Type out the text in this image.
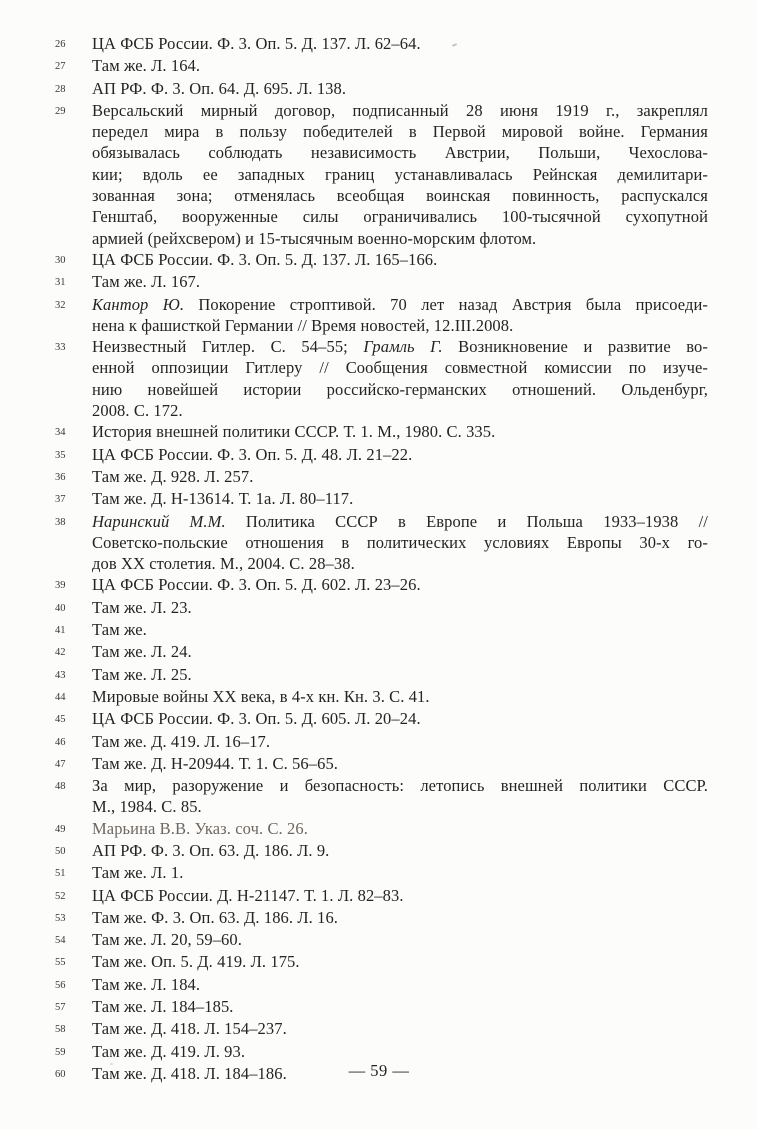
26	ЦА ФСБ России. Ф. 3. Оп. 5. Д. 137. Л. 62–64.
27	Там же. Л. 164.
28	АП РФ. Ф. 3. Оп. 64. Д. 695. Л. 138.
29	Версальский мирный договор, подписанный 28 июня 1919 г., закреплял
передел мира в пользу победителей в Первой мировой войне. Германия
обязывалась соблюдать независимость Австрии, Польши, Чехослова-
кии; вдоль ее западных границ устанавливалась Рейнская демилитари-
зованная зона; отменялась всеобщая воинская повинность, распускался
Генштаб, вооруженные силы ограничивались 100-тысячной сухопутной
армией (рейхсвером) и 15-тысячным военно-морским флотом.
30	ЦА ФСБ России. Ф. 3. Оп. 5. Д. 137. Л. 165–166.
31	Там же. Л. 167.
32	Кантор Ю. Покорение строптивой. 70 лет назад Австрия была присоеди-
нена к фашисткой Германии // Время новостей, 12.III.2008.
33	Неизвестный Гитлер. С. 54–55; Грамль Г. Возникновение и развитие во-
енной оппозиции Гитлеру // Сообщения совместной комиссии по изуче-
нию новейшей истории российско-германских отношений. Ольденбург,
2008. С. 172.
34	История внешней политики СССР. Т. 1. М., 1980. С. 335.
35	ЦА ФСБ России. Ф. 3. Оп. 5. Д. 48. Л. 21–22.
36	Там же. Д. 928. Л. 257.
37	Там же. Д. Н-13614. Т. 1а. Л. 80–117.
38	Наринский М.М. Политика СССР в Европе и Польша 1933–1938 //
Советско-польские отношения в политических условиях Европы 30-х го-
дов XX столетия. М., 2004. С. 28–38.
39	ЦА ФСБ России. Ф. 3. Оп. 5. Д. 602. Л. 23–26.
40	Там же. Л. 23.
41	Там же.
42	Там же. Л. 24.
43	Там же. Л. 25.
44	Мировые войны XX века, в 4-х кн. Кн. 3. С. 41.
45	ЦА ФСБ России. Ф. 3. Оп. 5. Д. 605. Л. 20–24.
46	Там же. Д. 419. Л. 16–17.
47	Там же. Д. Н-20944. Т. 1. С. 56–65.
48	За мир, разоружение и безопасность: летопись внешней политики СССР.
М., 1984. С. 85.
49	Марьина В.В. Указ. соч. С. 26.
50	АП РФ. Ф. 3. Оп. 63. Д. 186. Л. 9.
51	Там же. Л. 1.
52	ЦА ФСБ России. Д. Н-21147. Т. 1. Л. 82–83.
53	Там же. Ф. 3. Оп. 63. Д. 186. Л. 16.
54	Там же. Л. 20, 59–60.
55	Там же. Оп. 5. Д. 419. Л. 175.
56	Там же. Л. 184.
57	Там же. Л. 184–185.
58	Там же. Д. 418. Л. 154–237.
59	Там же. Д. 419. Л. 93.
60	Там же. Д. 418. Л. 184–186.	— 59 —
